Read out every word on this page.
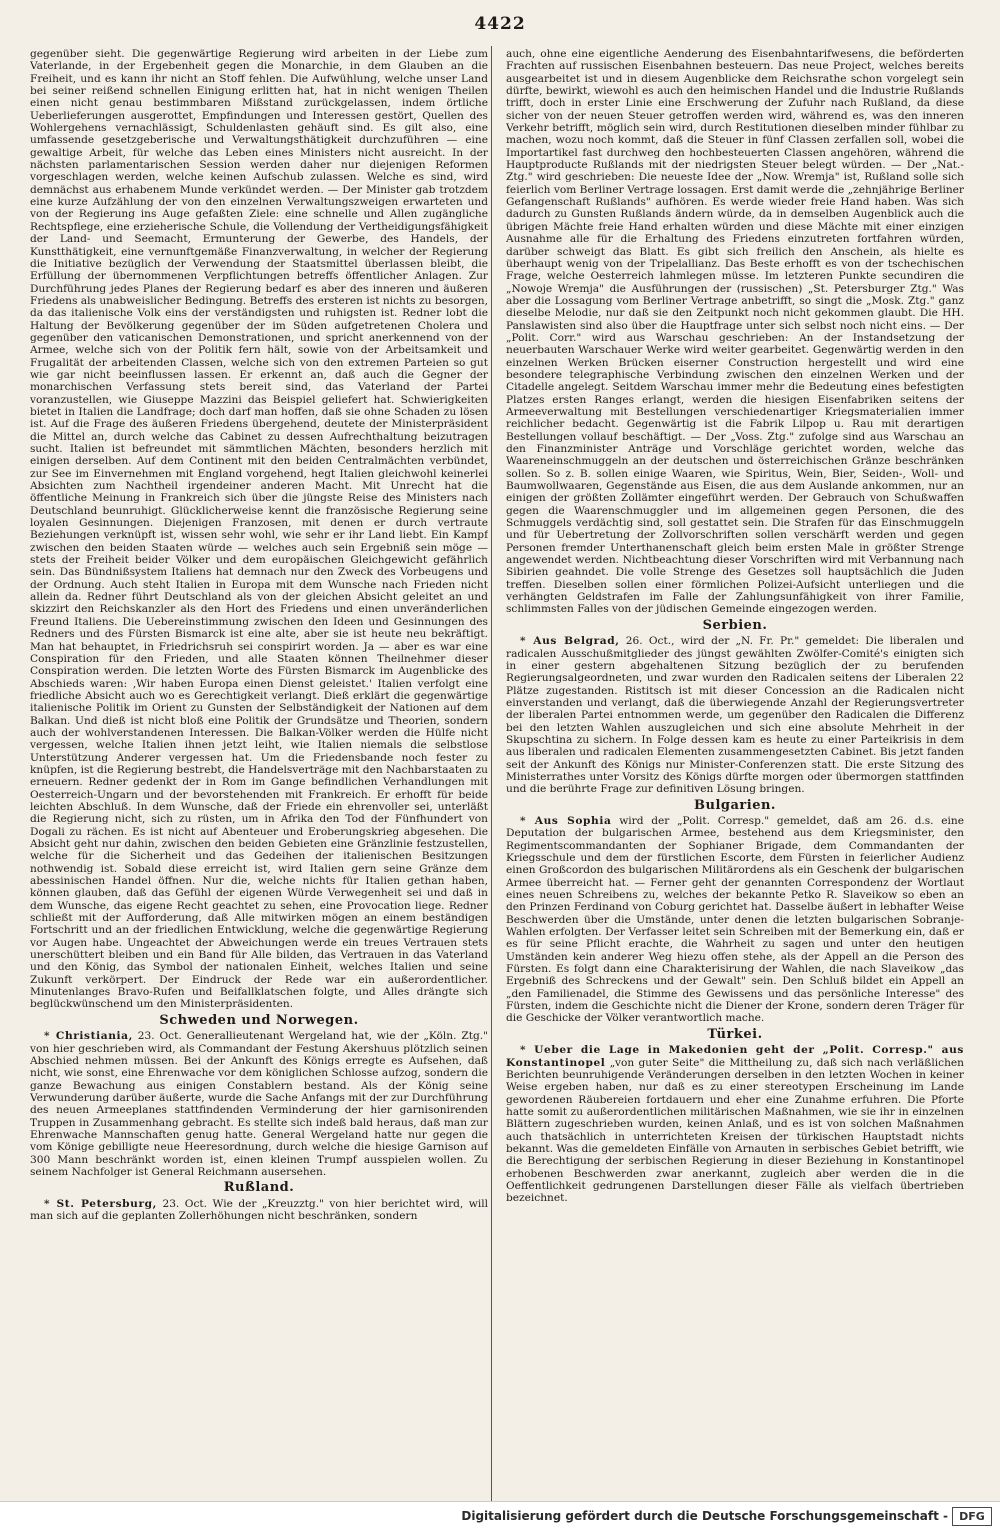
4422

gegenüber sieht. Die gegenwärtige Regierung wird arbeiten in der Liebe zum Vaterlande, in der Ergebenheit gegen die Monarchie, in dem Glauben an die Freiheit, und es kann ihr nicht an Stoff fehlen. Die Aufwühlung, welche unser Land bei seiner reißend schnellen Einigung erlitten hat, hat in nicht wenigen Theilen einen nicht genau bestimmbaren Mißstand zurückgelassen, indem örtliche Ueberlieferungen ausgerottet, Empfindungen und Interessen gestört, Quellen des Wohlergehens vernachlässigt, Schuldenlasten gehäuft sind. Es gilt also, eine umfassende gesetzgeberische und Verwaltungsthätigkeit durchzuführen — eine gewaltige Arbeit, für welche das Leben eines Ministers nicht ausreicht. In der nächsten parlamentarischen Session werden daher nur diejenigen Reformen vorgeschlagen werden, welche keinen Aufschub zulassen. Welche es sind, wird demnächst aus erhabenem Munde verkündet werden. — Der Minister gab trotzdem eine kurze Aufzählung der von den einzelnen Verwaltungszweigen erwarteten und von der Regierung ins Auge gefaßten Ziele: eine schnelle und Allen zugängliche Rechtspflege, eine erzieherische Schule, die Vollendung der Vertheidigungsfähigkeit der Land- und Seemacht, Ermunterung der Gewerbe, des Handels, der Kunstthätigkeit, eine vernunftgemäße Finanzverwaltung, in welcher der Regierung die Initiative bezüglich der Verwendung der Staatsmittel überlassen bleibt, die Erfüllung der übernommenen Verpflichtungen betreffs öffentlicher Anlagen. Zur Durchführung jedes Planes der Regierung bedarf es aber des inneren und äußeren Friedens als unabweislicher Bedingung. Betreffs des ersteren ist nichts zu besorgen, da das italienische Volk eins der verständigsten und ruhigsten ist. Redner lobt die Haltung der Bevölkerung gegenüber der im Süden aufgetretenen Cholera und gegenüber den vaticanischen Demonstrationen, und spricht anerkennend von der Armee, welche sich von der Politik fern hält, sowie von der Arbeitsamkeit und Frugalität der arbeitenden Classen, welche sich von den extremen Parteien so gut wie gar nicht beeinflussen lassen. Er erkennt an, daß auch die Gegner der monarchischen Verfassung stets bereit sind, das Vaterland der Partei voranzustellen, wie Giuseppe Mazzini das Beispiel geliefert hat. Schwierigkeiten bietet in Italien die Landfrage; doch darf man hoffen, daß sie ohne Schaden zu lösen ist. Auf die Frage des äußeren Friedens übergehend, deutete der Ministerpräsident die Mittel an, durch welche das Cabinet zu dessen Aufrechthaltung beizutragen sucht. Italien ist befreundet mit sämmtlichen Mächten, besonders herzlich mit einigen derselben. Auf dem Continent mit den beiden Centralmächten verbündet, zur See im Einvernehmen mit England vorgehend, hegt Italien gleichwohl keinerlei Absichten zum Nachtheil irgendeiner anderen Macht. Mit Unrecht hat die öffentliche Meinung in Frankreich sich über die jüngste Reise des Ministers nach Deutschland beunruhigt. Glücklicherweise kennt die französische Regierung seine loyalen Gesinnungen. Diejenigen Franzosen, mit denen er durch vertraute Beziehungen verknüpft ist, wissen sehr wohl, wie sehr er ihr Land liebt. Ein Kampf zwischen den beiden Staaten würde — welches auch sein Ergebniß sein möge — stets der Freiheit beider Völker und dem europäischen Gleichgewicht gefährlich sein. Das Bündnißsystem Italiens hat demnach nur den Zweck des Vorbeugens und der Ordnung. Auch steht Italien in Europa mit dem Wunsche nach Frieden nicht allein da. Redner führt Deutschland als von der gleichen Absicht geleitet an und skizzirt den Reichskanzler als den Hort des Friedens und einen unveränderlichen Freund Italiens. Die Uebereinstimmung zwischen den Ideen und Gesinnungen des Redners und des Fürsten Bismarck ist eine alte, aber sie ist heute neu bekräftigt. Man hat behauptet, in Friedrichsruh sei conspirirt worden. Ja — aber es war eine Conspiration für den Frieden, und alle Staaten können Theilnehmer dieser Conspiration werden. Die letzten Worte des Fürsten Bismarck im Augenblicke des Abschieds waren: ‚Wir haben Europa einen Dienst geleistet.' Italien verfolgt eine friedliche Absicht auch wo es Gerechtigkeit verlangt. Dieß erklärt die gegenwärtige italienische Politik im Orient zu Gunsten der Selbständigkeit der Nationen auf dem Balkan. Und dieß ist nicht bloß eine Politik der Grundsätze und Theorien, sondern auch der wohlverstandenen Interessen. Die Balkan-Völker werden die Hülfe nicht vergessen, welche Italien ihnen jetzt leiht, wie Italien niemals die selbstlose Unterstützung Anderer vergessen hat. Um die Friedensbande noch fester zu knüpfen, ist die Regierung bestrebt, die Handelsverträge mit den Nachbarstaaten zu erneuern. Redner gedenkt der in Rom im Gange befindlichen Verhandlungen mit Oesterreich-Ungarn und der bevorstehenden mit Frankreich. Er erhofft für beide leichten Abschluß. In dem Wunsche, daß der Friede ein ehrenvoller sei, unterläßt die Regierung nicht, sich zu rüsten, um in Afrika den Tod der Fünfhundert von Dogali zu rächen. Es ist nicht auf Abenteuer und Eroberungskrieg abgesehen. Die Absicht geht nur dahin, zwischen den beiden Gebieten eine Gränzlinie festzustellen, welche für die Sicherheit und das Gedeihen der italienischen Besitzungen nothwendig ist. Sobald diese erreicht ist, wird Italien gern seine Gränze dem abessinischen Handel öffnen. Nur die, welche nichts für Italien gethan haben, können glauben, daß das Gefühl der eigenen Würde Verwegenheit sei und daß in dem Wunsche, das eigene Recht geachtet zu sehen, eine Provocation liege. Redner schließt mit der Aufforderung, daß Alle mitwirken mögen an einem beständigen Fortschritt und an der friedlichen Entwicklung, welche die gegenwärtige Regierung vor Augen habe. Ungeachtet der Abweichungen werde ein treues Vertrauen stets unerschüttert bleiben und ein Band für Alle bilden, das Vertrauen in das Vaterland und den König, das Symbol der nationalen Einheit, welches Italien und seine Zukunft verkörpert. Der Eindruck der Rede war ein außerordentlicher. Minutenlanges Bravo-Rufen und Beifallklatschen folgte, und Alles drängte sich beglückwünschend um den Ministerpräsidenten.

Schweden und Norwegen.

* Christiania, 23. Oct. Generallieutenant Wergeland hat, wie der „Köln. Ztg." von hier geschrieben wird, als Commandant der Festung Akershuus plötzlich seinen Abschied nehmen müssen. Bei der Ankunft des Königs erregte es Aufsehen, daß nicht, wie sonst, eine Ehrenwache vor dem königlichen Schlosse aufzog, sondern die ganze Bewachung aus einigen Constablern bestand. Als der König seine Verwunderung darüber äußerte, wurde die Sache Anfangs mit der zur Durchführung des neuen Armeeplanes stattfindenden Verminderung der hier garnisonirenden Truppen in Zusammenhang gebracht. Es stellte sich indeß bald heraus, daß man zur Ehrenwache Mannschaften genug hatte. General Wergeland hatte nur gegen die vom Könige gebilligte neue Heeresordnung, durch welche die hiesige Garnison auf 300 Mann beschränkt worden ist, einen kleinen Trumpf ausspielen wollen. Zu seinem Nachfolger ist General Reichmann ausersehen.

Rußland.

* St. Petersburg, 23. Oct. Wie der „Kreuzztg." von hier berichtet wird, will man sich auf die geplanten Zollerhöhungen nicht beschränken, sondern

auch, ohne eine eigentliche Aenderung des Eisenbahntarifwesens, die beförderten Frachten auf russischen Eisenbahnen besteuern. Das neue Project, welches bereits ausgearbeitet ist und in diesem Augenblicke dem Reichsrathe schon vorgelegt sein dürfte, bewirkt, wiewohl es auch den heimischen Handel und die Industrie Rußlands trifft, doch in erster Linie eine Erschwerung der Zufuhr nach Rußland, da diese sicher von der neuen Steuer getroffen werden wird, während es, was den inneren Verkehr betrifft, möglich sein wird, durch Restitutionen dieselben minder fühlbar zu machen, wozu noch kommt, daß die Steuer in fünf Classen zerfallen soll, wobei die Importartikel fast durchweg den hochbesteuerten Classen angehören, während die Hauptproducte Rußlands mit der niedrigsten Steuer belegt würden. — Der „Nat.-Ztg." wird geschrieben: Die neueste Idee der „Now. Wremja" ist, Rußland solle sich feierlich vom Berliner Vertrage lossagen. Erst damit werde die „zehnjährige Berliner Gefangenschaft Rußlands" aufhören. Es werde wieder freie Hand haben. Was sich dadurch zu Gunsten Rußlands ändern würde, da in demselben Augenblick auch die übrigen Mächte freie Hand erhalten würden und diese Mächte mit einer einzigen Ausnahme alle für die Erhaltung des Friedens einzutreten fortfahren würden, darüber schweigt das Blatt. Es gibt sich freilich den Anschein, als hielte es überhaupt wenig von der Tripelallianz. Das Beste erhofft es von der tschechischen Frage, welche Oesterreich lahmlegen müsse. Im letzteren Punkte secundiren die „Nowoje Wremja" die Ausführungen der (russischen) „St. Petersburger Ztg." Was aber die Lossagung vom Berliner Vertrage anbetrifft, so singt die „Mosk. Ztg." ganz dieselbe Melodie, nur daß sie den Zeitpunkt noch nicht gekommen glaubt. Die HH. Panslawisten sind also über die Hauptfrage unter sich selbst noch nicht eins. — Der „Polit. Corr." wird aus Warschau geschrieben: An der Instandsetzung der neuerbauten Warschauer Werke wird weiter gearbeitet. Gegenwärtig werden in den einzelnen Werken Brücken eiserner Construction hergestellt und wird eine besondere telegraphische Verbindung zwischen den einzelnen Werken und der Citadelle angelegt. Seitdem Warschau immer mehr die Bedeutung eines befestigten Platzes ersten Ranges erlangt, werden die hiesigen Eisenfabriken seitens der Armeeverwaltung mit Bestellungen verschiedenartiger Kriegsmaterialien immer reichlicher bedacht. Gegenwärtig ist die Fabrik Lilpop u. Rau mit derartigen Bestellungen vollauf beschäftigt. — Der „Voss. Ztg." zufolge sind aus Warschau an den Finanzminister Anträge und Vorschläge gerichtet worden, welche das Waareneinschmuggeln an der deutschen und österreichischen Gränze beschränken sollen. So z. B. sollen einige Waaren, wie Spiritus, Wein, Bier, Seiden-, Woll- und Baumwollwaaren, Gegenstände aus Eisen, die aus dem Auslande ankommen, nur an einigen der größten Zollämter eingeführt werden. Der Gebrauch von Schußwaffen gegen die Waarenschmuggler und im allgemeinen gegen Personen, die des Schmuggels verdächtig sind, soll gestattet sein. Die Strafen für das Einschmuggeln und für Uebertretung der Zollvorschriften sollen verschärft werden und gegen Personen fremder Unterthanenschaft gleich beim ersten Male in größter Strenge angewendet werden. Nichtbeachtung dieser Vorschriften wird mit Verbannung nach Sibirien geahndet. Die volle Strenge des Gesetzes soll hauptsächlich die Juden treffen. Dieselben sollen einer förmlichen Polizei-Aufsicht unterliegen und die verhängten Geldstrafen im Falle der Zahlungsunfähigkeit von ihrer Familie, schlimmsten Falles von der jüdischen Gemeinde eingezogen werden.

Serbien.

* Aus Belgrad, 26. Oct., wird der „N. Fr. Pr." gemeldet: Die liberalen und radicalen Ausschußmitglieder des jüngst gewählten Zwölfer-Comité's einigten sich in einer gestern abgehaltenen Sitzung bezüglich der zu berufenden Regierungsalgeordneten, und zwar wurden den Radicalen seitens der Liberalen 22 Plätze zugestanden. Ristitsch ist mit dieser Concession an die Radicalen nicht einverstanden und verlangt, daß die überwiegende Anzahl der Regierungsvertreter der liberalen Partei entnommen werde, um gegenüber den Radicalen die Differenz bei den letzten Wahlen auszugleichen und sich eine absolute Mehrheit in der Skupschtina zu sichern. In Folge dessen kam es heute zu einer Parteikrisis in dem aus liberalen und radicalen Elementen zusammengesetzten Cabinet. Bis jetzt fanden seit der Ankunft des Königs nur Minister-Conferenzen statt. Die erste Sitzung des Ministerrathes unter Vorsitz des Königs dürfte morgen oder übermorgen stattfinden und die berührte Frage zur definitiven Lösung bringen.

Bulgarien.

* Aus Sophia wird der „Polit. Corresp." gemeldet, daß am 26. d.s. eine Deputation der bulgarischen Armee, bestehend aus dem Kriegsminister, den Regimentscommandanten der Sophianer Brigade, dem Commandanten der Kriegsschule und dem der fürstlichen Escorte, dem Fürsten in feierlicher Audienz einen Großcordon des bulgarischen Militärordens als ein Geschenk der bulgarischen Armee überreicht hat. — Ferner geht der genannten Correspondenz der Wortlaut eines neuen Schreibens zu, welches der bekannte Petko R. Slaveikow so eben an den Prinzen Ferdinand von Coburg gerichtet hat. Dasselbe äußert in lebhafter Weise Beschwerden über die Umstände, unter denen die letzten bulgarischen Sobranje-Wahlen erfolgten. Der Verfasser leitet sein Schreiben mit der Bemerkung ein, daß er es für seine Pflicht erachte, die Wahrheit zu sagen und unter den heutigen Umständen kein anderer Weg hiezu offen stehe, als der Appell an die Person des Fürsten. Es folgt dann eine Charakterisirung der Wahlen, die nach Slaveikow „das Ergebniß des Schreckens und der Gewalt" sein. Den Schluß bildet ein Appell an „den Familienadel, die Stimme des Gewissens und das persönliche Interesse" des Fürsten, indem die Geschichte nicht die Diener der Krone, sondern deren Träger für die Geschicke der Völker verantwortlich mache.

Türkei.

* Ueber die Lage in Makedonien geht der „Polit. Corresp." aus Konstantinopel „von guter Seite" die Mittheilung zu, daß sich nach verläßlichen Berichten beunruhigende Veränderungen derselben in den letzten Wochen in keiner Weise ergeben haben, nur daß es zu einer stereotypen Erscheinung im Lande gewordenen Räubereien fortdauern und eher eine Zunahme erfuhren. Die Pforte hatte somit zu außerordentlichen militärischen Maßnahmen, wie sie ihr in einzelnen Blättern zugeschrieben wurden, keinen Anlaß, und es ist von solchen Maßnahmen auch thatsächlich in unterrichteten Kreisen der türkischen Hauptstadt nichts bekannt. Was die gemeldeten Einfälle von Arnauten in serbisches Gebiet betrifft, wie die Berechtigung der serbischen Regierung in dieser Beziehung in Konstantinopel erhobenen Beschwerden zwar anerkannt, zugleich aber werden die in die Oeffentlichkeit gedrungenen Darstellungen dieser Fälle als vielfach übertrieben bezeichnet.

Digitalisierung gefördert durch die Deutsche Forschungsgemeinschaft -	DFG
